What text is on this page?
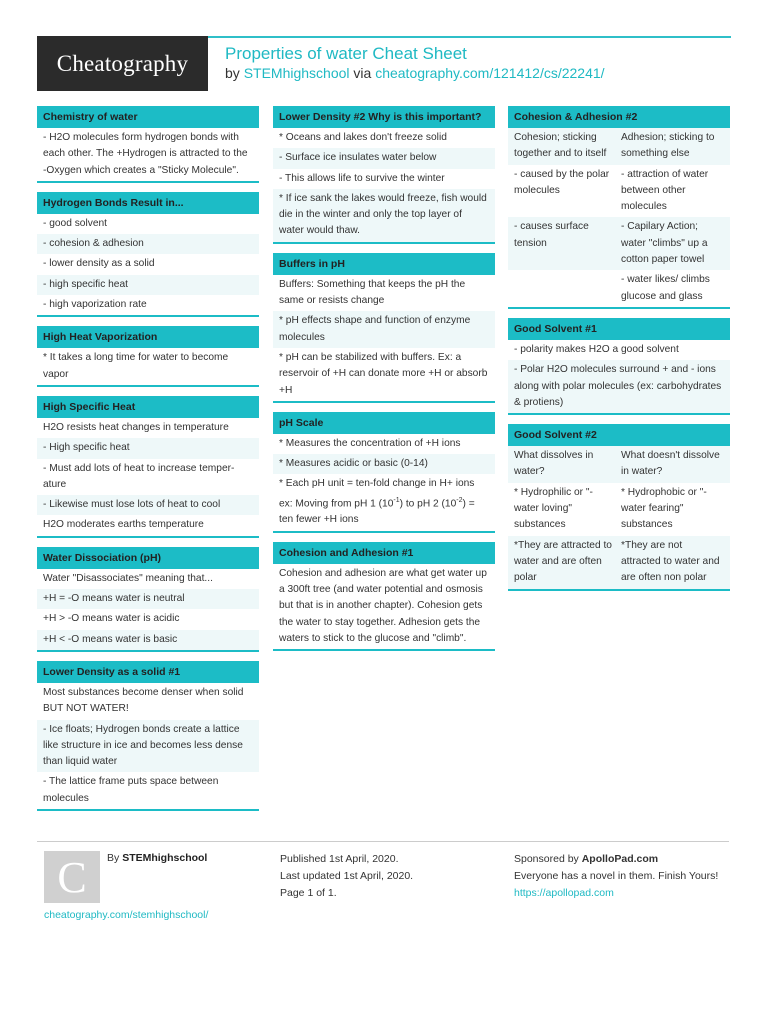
Cheatography	Properties of water Cheat Sheet
by STEMhighschool via cheatography.com/121412/cs/22241/
Chemistry of water
- H2O molecules form hydrogen bonds with each other. The +Hydrogen is attracted to the -Oxygen which creates a "Sticky Molecule".
Hydrogen Bonds Result in...
- good solvent
- cohesion & adhesion
- lower density as a solid
- high specific heat
- high vaporization rate
High Heat Vaporization
* It takes a long time for water to become vapor
High Specific Heat
H2O resists heat changes in temperature
- High specific heat
- Must add lots of heat to increase temperature
- Likewise must lose lots of heat to cool
H2O moderates earths temperature
Water Dissociation (pH)
Water "Disassociates" meaning that...
+H = -O means water is neutral
+H > -O means water is acidic
+H < -O means water is basic
Lower Density as a solid #1
Most substances become denser when solid BUT NOT WATER!
- Ice floats; Hydrogen bonds create a lattice like structure in ice and becomes less dense than liquid water
- The lattice frame puts space between molecules
Lower Density #2 Why is this important?
* Oceans and lakes don't freeze solid
- Surface ice insulates water below
- This allows life to survive the winter
* If ice sank the lakes would freeze, fish would die in the winter and only the top layer of water would thaw.
Buffers in pH
Buffers: Something that keeps the pH the same or resists change
* pH effects shape and function of enzyme molecules
* pH can be stabilized with buffers. Ex: a reservoir of +H can donate more +H or absorb +H
pH Scale
* Measures the concentration of +H ions
* Measures acidic or basic (0-14)
* Each pH unit = ten-fold change in H+ ions ex: Moving from pH 1 $(10^{-1})$ to pH 2 $(10^{-2})$ = ten fewer +H ions
Cohesion and Adhesion #1
Cohesion and adhesion are what get water up a 300ft tree (and water potential and osmosis but that is in another chapter). Cohesion gets the water to stay together. Adhesion gets the waters to stick to the glucose and "climb".
Cohesion & Adhesion #2
Cohesion; sticking together and to itself
Adhesion; sticking to something else
- caused by the polar molecules
- attraction of water between other molecules
- causes surface tension
- Capilary Action; water "climbs" up a cotton paper towel
- water likes/ climbs glucose and glass
Good Solvent #1
- polarity makes H2O a good solvent
- Polar H2O molecules surround + and - ions along with polar molecules (ex: carbohydrates & protiens)
Good Solvent #2
What dissolves in water?
What doesn't dissolve in water?
* Hydrophilic or "-water loving" substances
* Hydrophobic or "-water fearing" substances
*They are attracted to water and are often polar
*They are not attracted to water and are often non polar
C	By STEMhighschool
cheatography.com/stemhighschool/
Published 1st April, 2020.
Last updated 1st April, 2020.
Page 1 of 1.
Sponsored by ApolloPad.com
Everyone has a novel in them. Finish Yours!
https://apollopad.com
